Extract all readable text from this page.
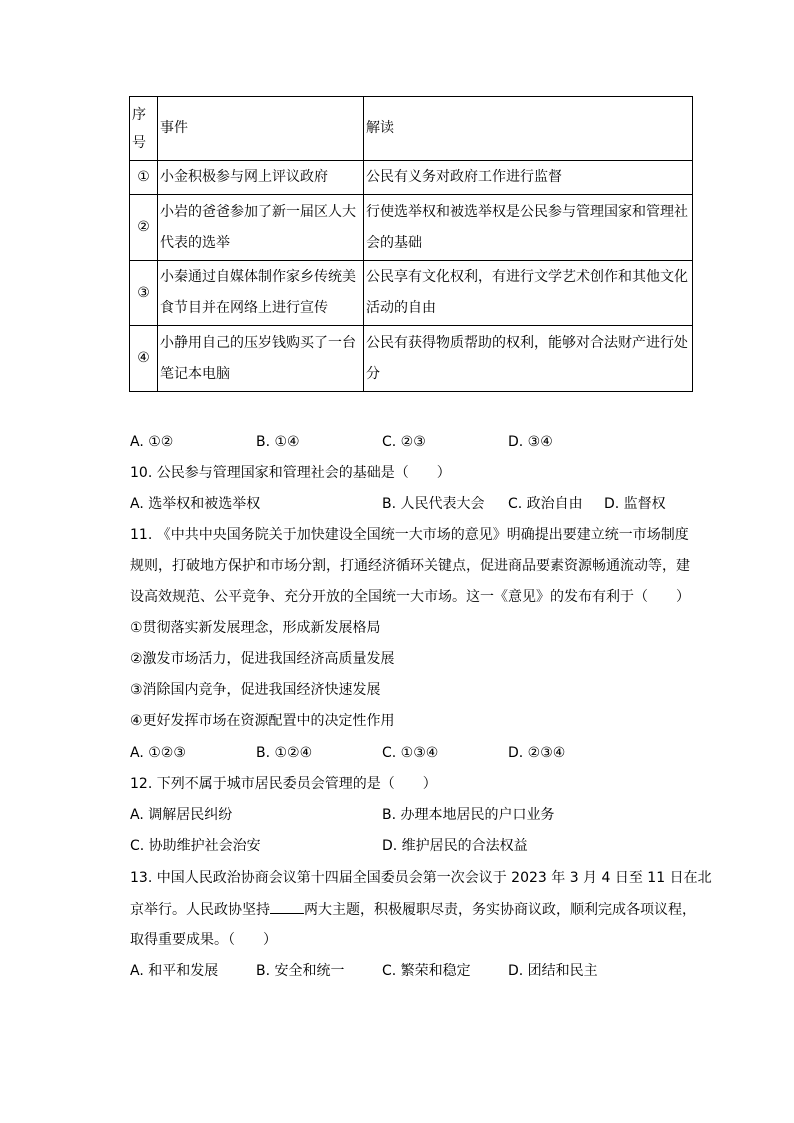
序号	事件	解读
①	小金积极参与网上评议政府	公民有义务对政府工作进行监督
②	小岩的爸爸参加了新一届区人大代表的选举	行使选举权和被选举权是公民参与管理国家和管理社会的基础
③	小秦通过自媒体制作家乡传统美食节目并在网络上进行宣传	公民享有文化权利，有进行文学艺术创作和其他文化活动的自由
④	小静用自己的压岁钱购买了一台笔记本电脑	公民有获得物质帮助的权利，能够对合法财产进行处分
A. ①②	B. ①④	C. ②③	D. ③④
10. 公民参与管理国家和管理社会的基础是（　　）
A. 选举权和被选举权	B. 人民代表大会 C. 政治自由 D. 监督权
11. 《中共中央国务院关于加快建设全国统一大市场的意见》明确提出要建立统一市场制度
规则，打破地方保护和市场分割，打通经济循环关键点，促进商品要素资源畅通流动等，建
设高效规范、公平竞争、充分开放的全国统一大市场。这一《意见》的发布有利于（　　）
①贯彻落实新发展理念，形成新发展格局
②激发市场活力，促进我国经济高质量发展
③消除国内竞争，促进我国经济快速发展
④更好发挥市场在资源配置中的决定性作用
A. ①②③	B. ①②④	C. ①③④	D. ②③④
12. 下列不属于城市居民委员会管理的是（　　）
A. 调解居民纠纷	B. 办理本地居民的户口业务
C. 协助维护社会治安	D. 维护居民的合法权益
13. 中国人民政治协商会议第十四届全国委员会第一次会议于 2023 年 3 月 4 日至 11 日在北
京举行。人民政协坚持 两大主题，积极履职尽责，务实协商议政，顺利完成各项议程，
取得重要成果。（　　）
A. 和平和发展	B. 安全和统一	C. 繁荣和稳定	D. 团结和民主
